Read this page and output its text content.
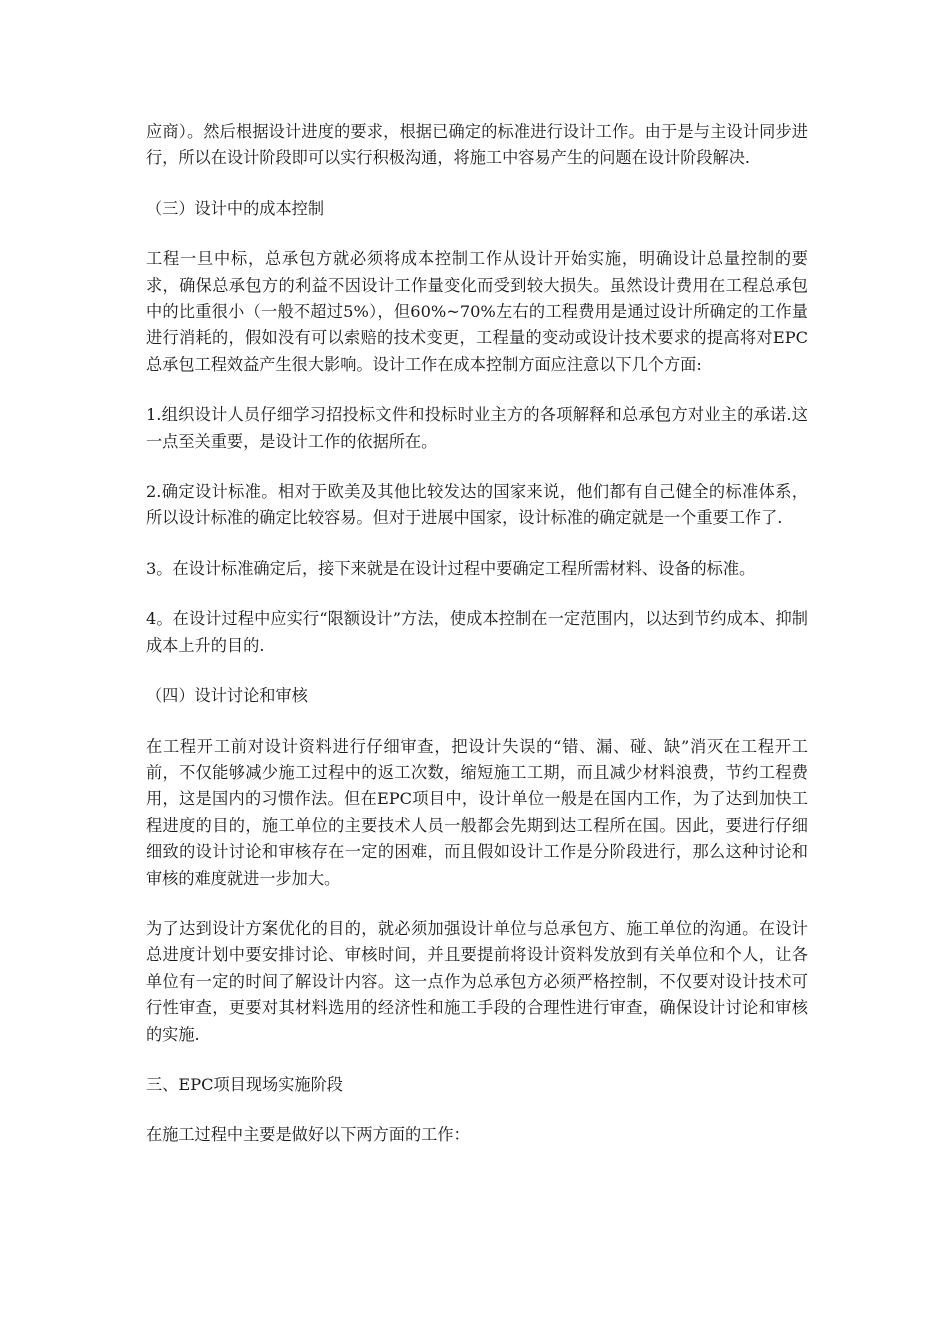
应商）。然后根据设计进度的要求，根据已确定的标准进行设计工作。由于是与主设计同步进行，所以在设计阶段即可以实行积极沟通，将施工中容易产生的问题在设计阶段解决.

（三）设计中的成本控制

工程一旦中标，总承包方就必须将成本控制工作从设计开始实施，明确设计总量控制的要求，确保总承包方的利益不因设计工作量变化而受到较大损失。虽然设计费用在工程总承包中的比重很小（一般不超过5%），但60%~70%左右的工程费用是通过设计所确定的工作量进行消耗的，假如没有可以索赔的技术变更，工程量的变动或设计技术要求的提高将对EPC总承包工程效益产生很大影响。设计工作在成本控制方面应注意以下几个方面:

1.组织设计人员仔细学习招投标文件和投标时业主方的各项解释和总承包方对业主的承诺.这一点至关重要，是设计工作的依据所在。

2.确定设计标准。相对于欧美及其他比较发达的国家来说，他们都有自己健全的标准体系，所以设计标准的确定比较容易。但对于进展中国家，设计标准的确定就是一个重要工作了.

3。在设计标准确定后，接下来就是在设计过程中要确定工程所需材料、设备的标准。

4。在设计过程中应实行“限额设计”方法，使成本控制在一定范围内，以达到节约成本、抑制成本上升的目的.

（四）设计讨论和审核

在工程开工前对设计资料进行仔细审查，把设计失误的“错、漏、碰、缺”消灭在工程开工前，不仅能够减少施工过程中的返工次数，缩短施工工期，而且减少材料浪费，节约工程费用，这是国内的习惯作法。但在EPC项目中，设计单位一般是在国内工作，为了达到加快工程进度的目的，施工单位的主要技术人员一般都会先期到达工程所在国。因此，要进行仔细细致的设计讨论和审核存在一定的困难，而且假如设计工作是分阶段进行，那么这种讨论和审核的难度就进一步加大。

为了达到设计方案优化的目的，就必须加强设计单位与总承包方、施工单位的沟通。在设计总进度计划中要安排讨论、审核时间，并且要提前将设计资料发放到有关单位和个人，让各单位有一定的时间了解设计内容。这一点作为总承包方必须严格控制，不仅要对设计技术可行性审查，更要对其材料选用的经济性和施工手段的合理性进行审查，确保设计讨论和审核的实施.

三、EPC项目现场实施阶段

在施工过程中主要是做好以下两方面的工作：
